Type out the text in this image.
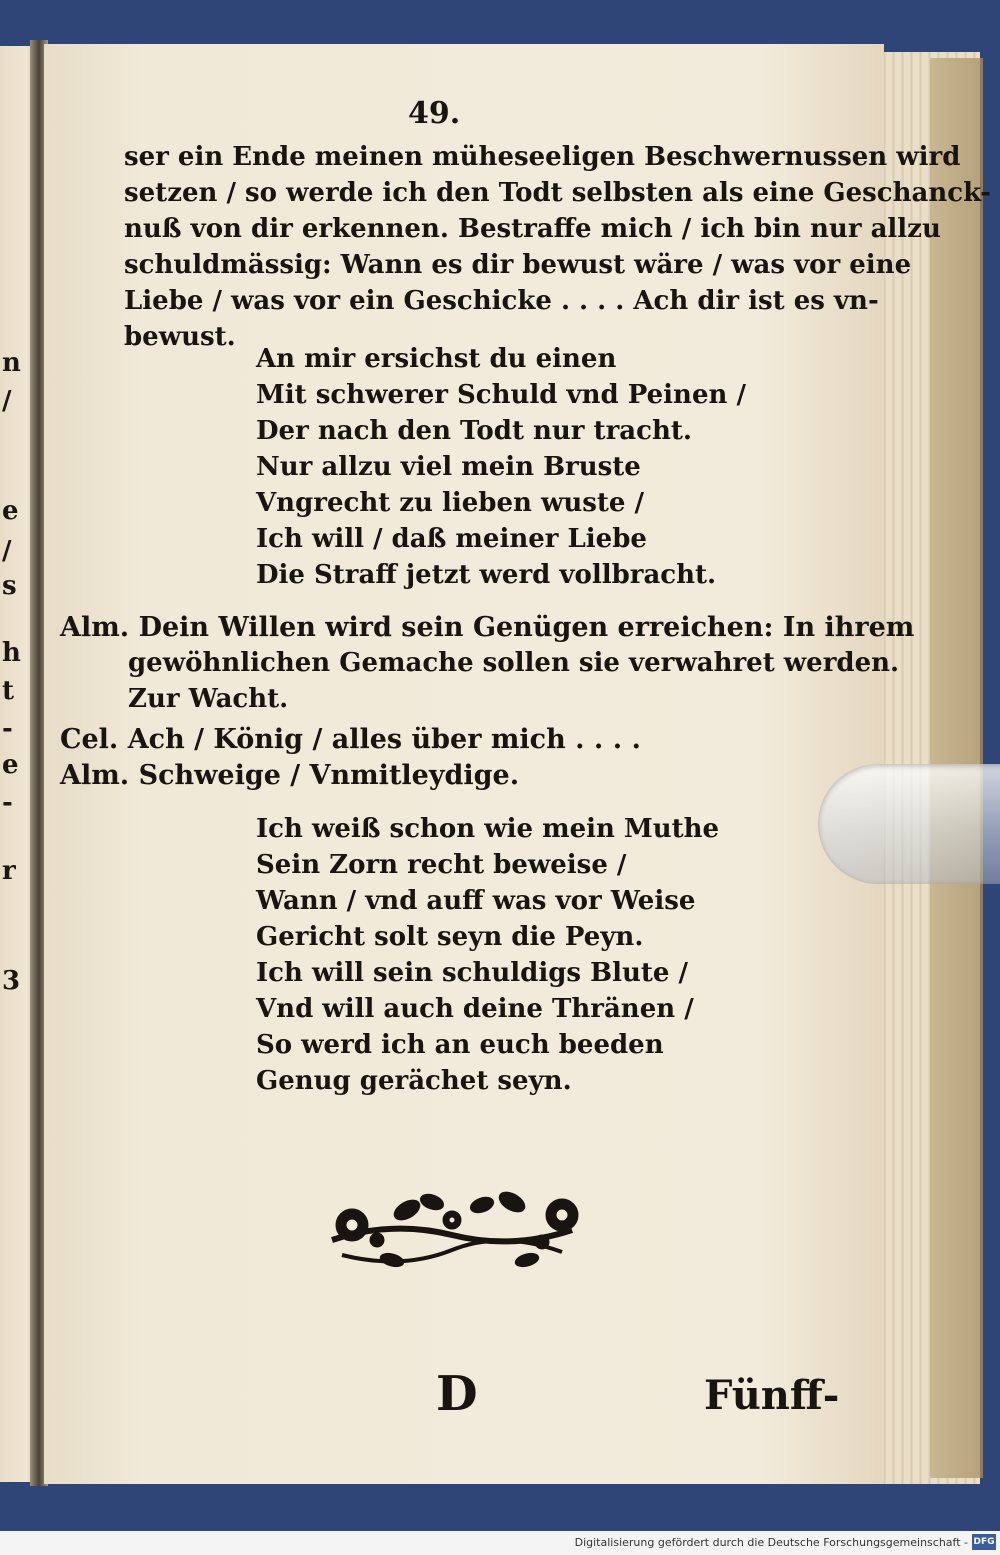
n
/
e
/
s
h
t
-
e
-
r
3
49.
ser ein Ende meinen müheseeligen Beschwernussen wird
setzen / so werde ich den Todt selbsten als eine Geschanck-
nuß von dir erkennen. Bestraffe mich / ich bin nur allzu
schuldmässig: Wann es dir bewust wäre / was vor eine
Liebe / was vor ein Geschicke . . . . Ach dir ist es vn-
bewust.
An mir ersichst du einen
Mit schwerer Schuld vnd Peinen /
Der nach den Todt nur tracht.
Nur allzu viel mein Bruste
Vngrecht zu lieben wuste /
Ich will / daß meiner Liebe
Die Straff jetzt werd vollbracht.
Alm. Dein Willen wird sein Genügen erreichen: In ihrem
gewöhnlichen Gemache sollen sie verwahret werden.
Zur Wacht.
Cel. Ach / König / alles über mich . . . .
Alm. Schweige / Vnmitleydige.
Ich weiß schon wie mein Muthe
Sein Zorn recht beweise /
Wann / vnd auff was vor Weise
Gericht solt seyn die Peyn.
Ich will sein schuldigs Blute /
Vnd will auch deine Thränen /
So werd ich an euch beeden
Genug gerächet seyn.
D	Fünff-
Digitalisierung gefördert durch die Deutsche Forschungsgemeinschaft - DFG
